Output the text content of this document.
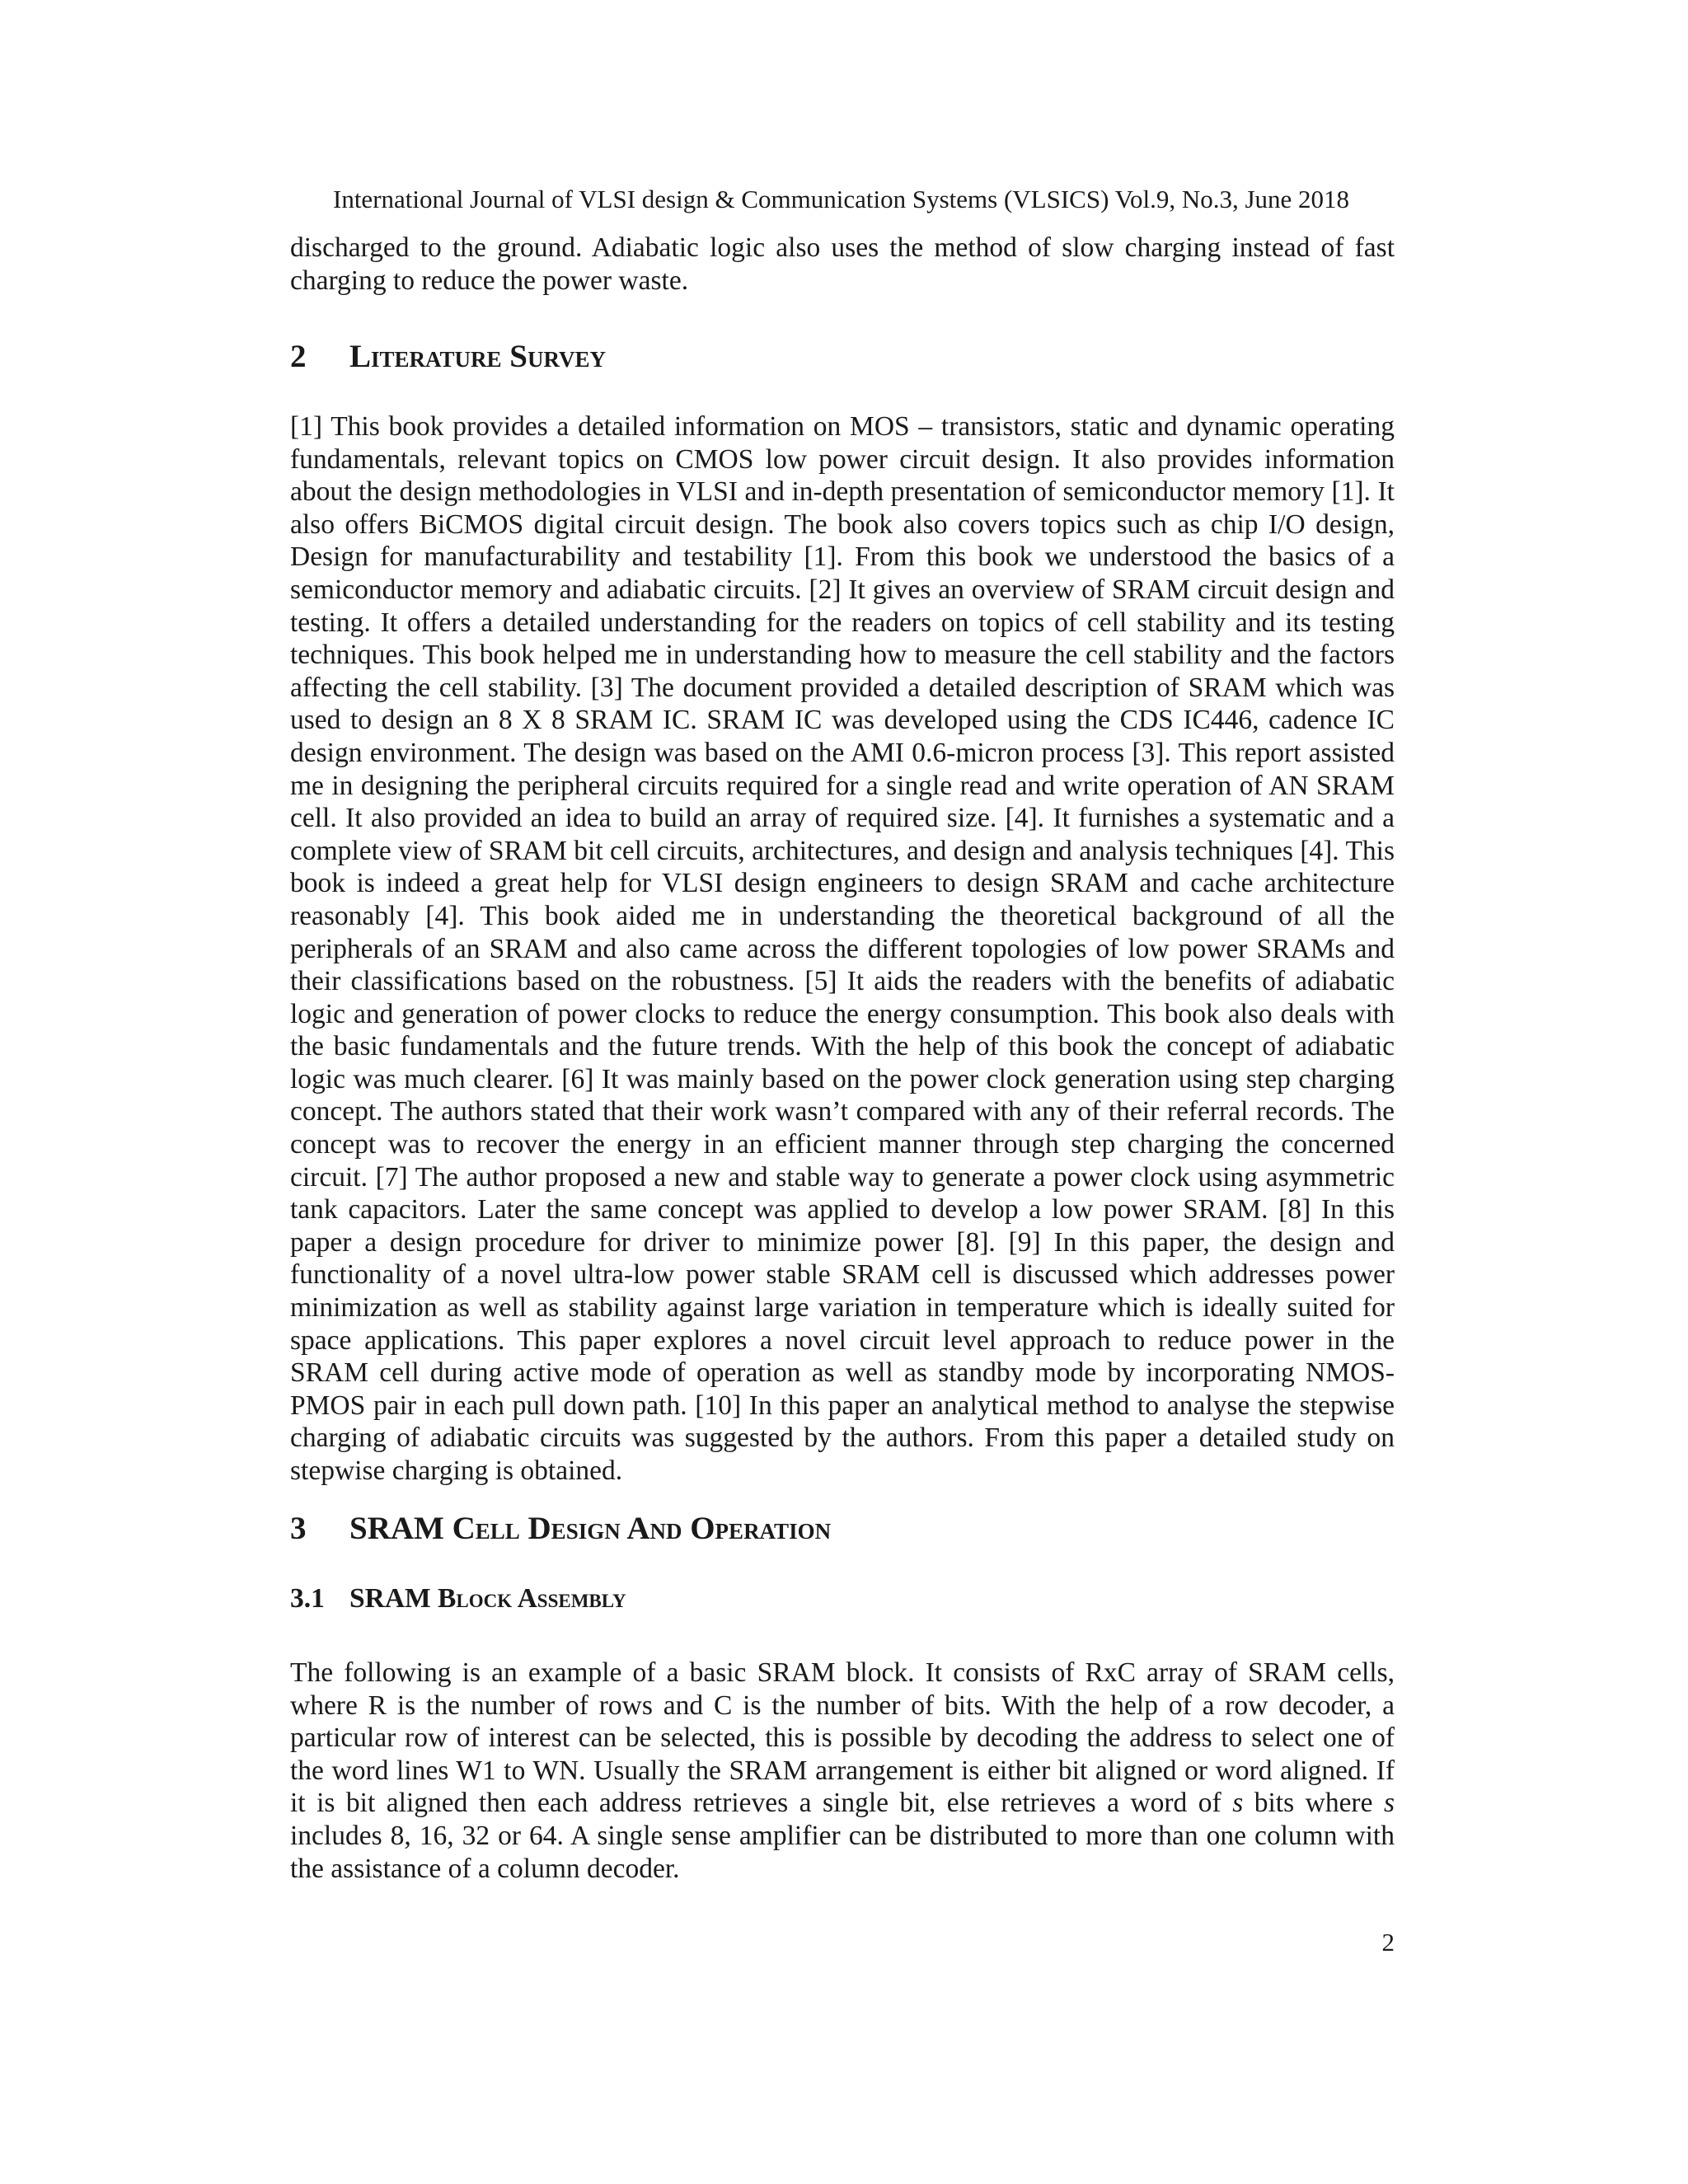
International Journal of VLSI design & Communication Systems (VLSICS) Vol.9, No.3, June 2018

discharged to the ground. Adiabatic logic also uses the method of slow charging instead of fast charging to reduce the power waste.

2 Literature Survey

[1] This book provides a detailed information on MOS – transistors, static and dynamic operating fundamentals, relevant topics on CMOS low power circuit design. It also provides information about the design methodologies in VLSI and in-depth presentation of semiconductor memory [1]. It also offers BiCMOS digital circuit design. The book also covers topics such as chip I/O design, Design for manufacturability and testability [1]. From this book we understood the basics of a semiconductor memory and adiabatic circuits. [2] It gives an overview of SRAM circuit design and testing. It offers a detailed understanding for the readers on topics of cell stability and its testing techniques. This book helped me in understanding how to measure the cell stability and the factors affecting the cell stability. [3] The document provided a detailed description of SRAM which was used to design an 8 X 8 SRAM IC. SRAM IC was developed using the CDS IC446, cadence IC design environment. The design was based on the AMI 0.6-micron process [3]. This report assisted me in designing the peripheral circuits required for a single read and write operation of AN SRAM cell. It also provided an idea to build an array of required size. [4]. It furnishes a systematic and a complete view of SRAM bit cell circuits, architectures, and design and analysis techniques [4]. This book is indeed a great help for VLSI design engineers to design SRAM and cache architecture reasonably [4]. This book aided me in understanding the theoretical background of all the peripherals of an SRAM and also came across the different topologies of low power SRAMs and their classifications based on the robustness. [5] It aids the readers with the benefits of adiabatic logic and generation of power clocks to reduce the energy consumption. This book also deals with the basic fundamentals and the future trends. With the help of this book the concept of adiabatic logic was much clearer. [6] It was mainly based on the power clock generation using step charging concept. The authors stated that their work wasn’t compared with any of their referral records. The concept was to recover the energy in an efficient manner through step charging the concerned circuit. [7] The author proposed a new and stable way to generate a power clock using asymmetric tank capacitors. Later the same concept was applied to develop a low power SRAM. [8] In this paper a design procedure for driver to minimize power [8]. [9] In this paper, the design and functionality of a novel ultra-low power stable SRAM cell is discussed which addresses power minimization as well as stability against large variation in temperature which is ideally suited for space applications. This paper explores a novel circuit level approach to reduce power in the SRAM cell during active mode of operation as well as standby mode by incorporating NMOS-PMOS pair in each pull down path. [10] In this paper an analytical method to analyse the stepwise charging of adiabatic circuits was suggested by the authors. From this paper a detailed study on stepwise charging is obtained.

3 SRAM Cell Design And Operation
3.1 SRAM Block Assembly

The following is an example of a basic SRAM block. It consists of RxC array of SRAM cells, where R is the number of rows and C is the number of bits. With the help of a row decoder, a particular row of interest can be selected, this is possible by decoding the address to select one of the word lines W1 to WN. Usually the SRAM arrangement is either bit aligned or word aligned. If it is bit aligned then each address retrieves a single bit, else retrieves a word of s bits where s includes 8, 16, 32 or 64. A single sense amplifier can be distributed to more than one column with the assistance of a column decoder.

2
